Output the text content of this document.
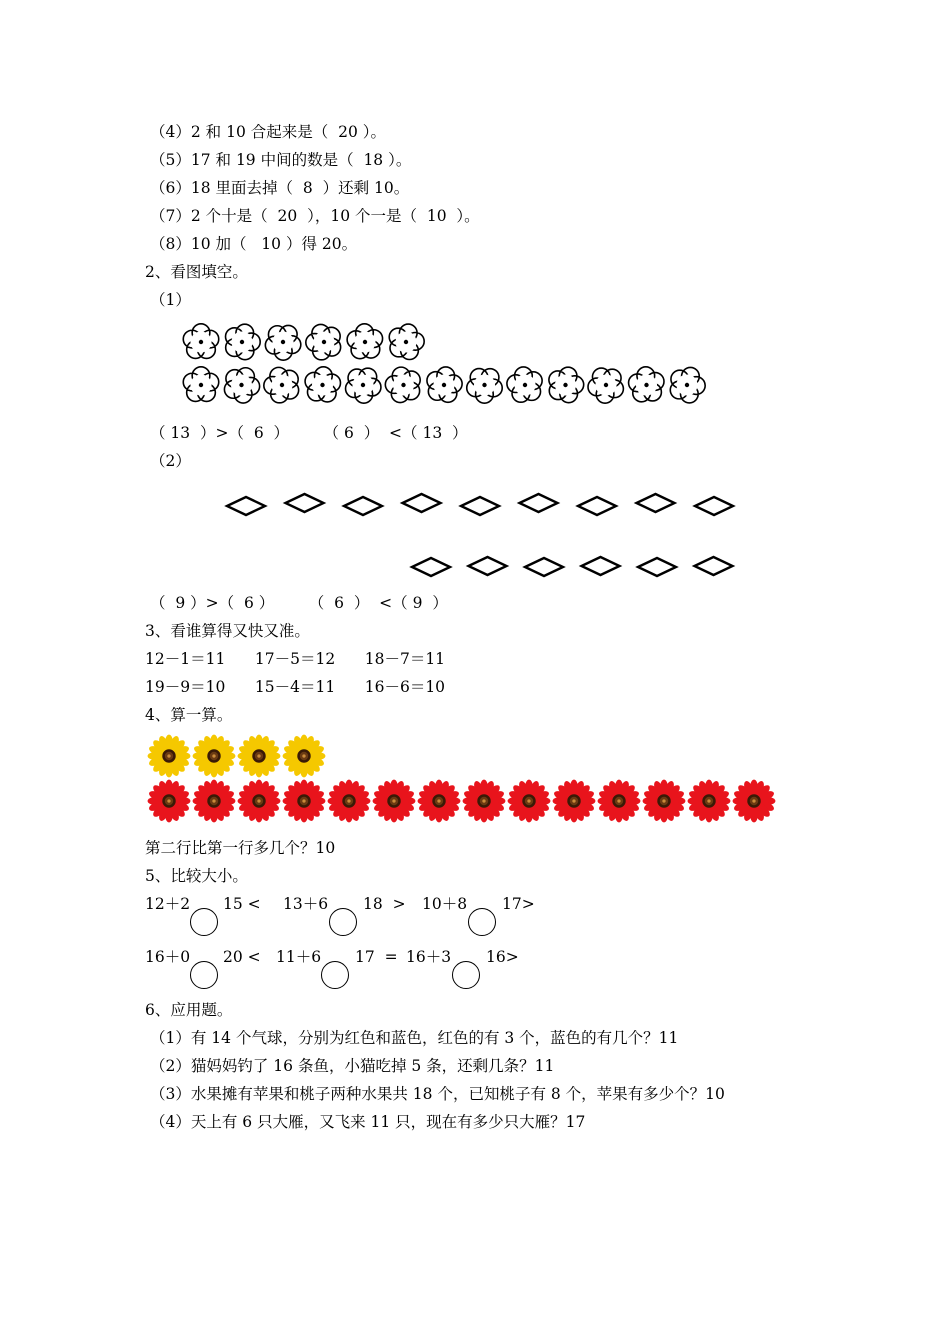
（4）2 和 10 合起来是（  20 ）。
（5）17 和 19 中间的数是（  18 ）。
（6）18 里面去掉（  8  ）还剩 10。
（7）2 个十是（  20  ），10 个一是（  10  ）。
（8）10 加（   10 ）得 20。
2、看图填空。
（1）
（ 13  ）>（  6  ）       （ 6  ）  <（ 13  ）
（2）
（  9 ）>（  6 ）       （  6  ）  <（ 9  ）
3、看谁算得又快又准。
12－1＝11      17－5＝12      18－7＝11
19－9＝10      15－4＝11      16－6＝10
4、算一算。
第二行比第一行多几个？10
5、比较大小。
12＋2 15 < 13＋6 18  > 10＋8 17>
16＋0 20 < 11＋6 17  = 16＋3 16>
6、应用题。
（1）有 14 个气球，分别为红色和蓝色，红色的有 3 个，蓝色的有几个？11
（2）猫妈妈钓了 16 条鱼，小猫吃掉 5 条，还剩几条？11
（3）水果摊有苹果和桃子两种水果共 18 个，已知桃子有 8 个，苹果有多少个？10
（4）天上有 6 只大雁，又飞来 11 只，现在有多少只大雁？17
